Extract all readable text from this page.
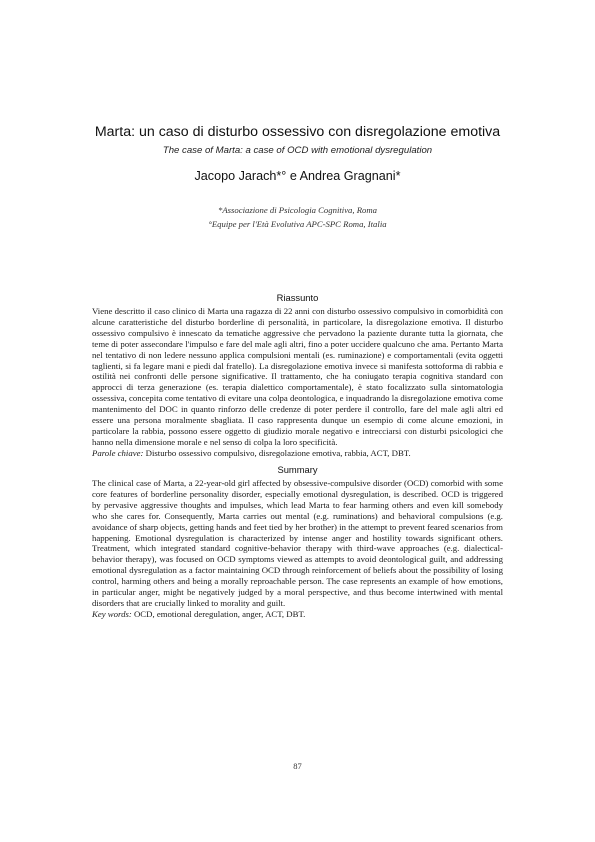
Marta: un caso di disturbo ossessivo con disregolazione emotiva
The case of Marta: a case of OCD with emotional dysregulation
Jacopo Jarach*° e Andrea Gragnani*
*Associazione di Psicologia Cognitiva, Roma
°Equipe per l'Età Evolutiva APC-SPC Roma, Italia
Riassunto

Viene descritto il caso clinico di Marta una ragazza di 22 anni con disturbo ossessivo compulsivo in comorbidità con alcune caratteristiche del disturbo borderline di personalità, in particolare, la disregolazione emotiva. Il disturbo ossessivo compulsivo è innescato da tematiche aggressive che pervadono la paziente durante tutta la giornata, che teme di poter assecondare l'impulso e fare del male agli altri, fino a poter uccidere qualcuno che ama. Pertanto Marta nel tentativo di non ledere nessuno applica compulsioni mentali (es. ruminazione) e comportamentali (evita oggetti taglienti, si fa legare mani e piedi dal fratello). La disregolazione emotiva invece si manifesta sottoforma di rabbia e ostilità nei confronti delle persone significative. Il trattamento, che ha coniugato terapia cognitiva standard con approcci di terza generazione (es. terapia dialettico comportamentale), è stato focalizzato sulla sintomatologia ossessiva, concepita come tentativo di evitare una colpa deontologica, e inquadrando la disregolazione emotiva come mantenimento del DOC in quanto rinforzo delle credenze di poter perdere il controllo, fare del male agli altri ed essere una persona moralmente sbagliata. Il caso rappresenta dunque un esempio di come alcune emozioni, in particolare la rabbia, possono essere oggetto di giudizio morale negativo e intrecciarsi con disturbi psicologici che hanno nella dimensione morale e nel senso di colpa la loro specificità.
Parole chiave: Disturbo ossessivo compulsivo, disregolazione emotiva, rabbia, ACT, DBT.

Summary

The clinical case of Marta, a 22-year-old girl affected by obsessive-compulsive disorder (OCD) comorbid with some core features of borderline personality disorder, especially emotional dysregulation, is described. OCD is triggered by pervasive aggressive thoughts and impulses, which lead Marta to fear harming others and even kill somebody who she cares for. Consequently, Marta carries out mental (e.g. ruminations) and behavioral compulsions (e.g. avoidance of sharp objects, getting hands and feet tied by her brother) in the attempt to prevent feared scenarios from happening. Emotional dysregulation is characterized by intense anger and hostility towards significant others. Treatment, which integrated standard cognitive-behavior therapy with third-wave approaches (e.g. dialectical-behavior therapy), was focused on OCD symptoms viewed as attempts to avoid deontological guilt, and addressing emotional dysregulation as a factor maintaining OCD through reinforcement of beliefs about the possibility of losing control, harming others and being a morally reproachable person. The case represents an example of how emotions, in particular anger, might be negatively judged by a moral perspective, and thus become intertwined with mental disorders that are crucially linked to morality and guilt.
Key words: OCD, emotional deregulation, anger, ACT, DBT.

87
